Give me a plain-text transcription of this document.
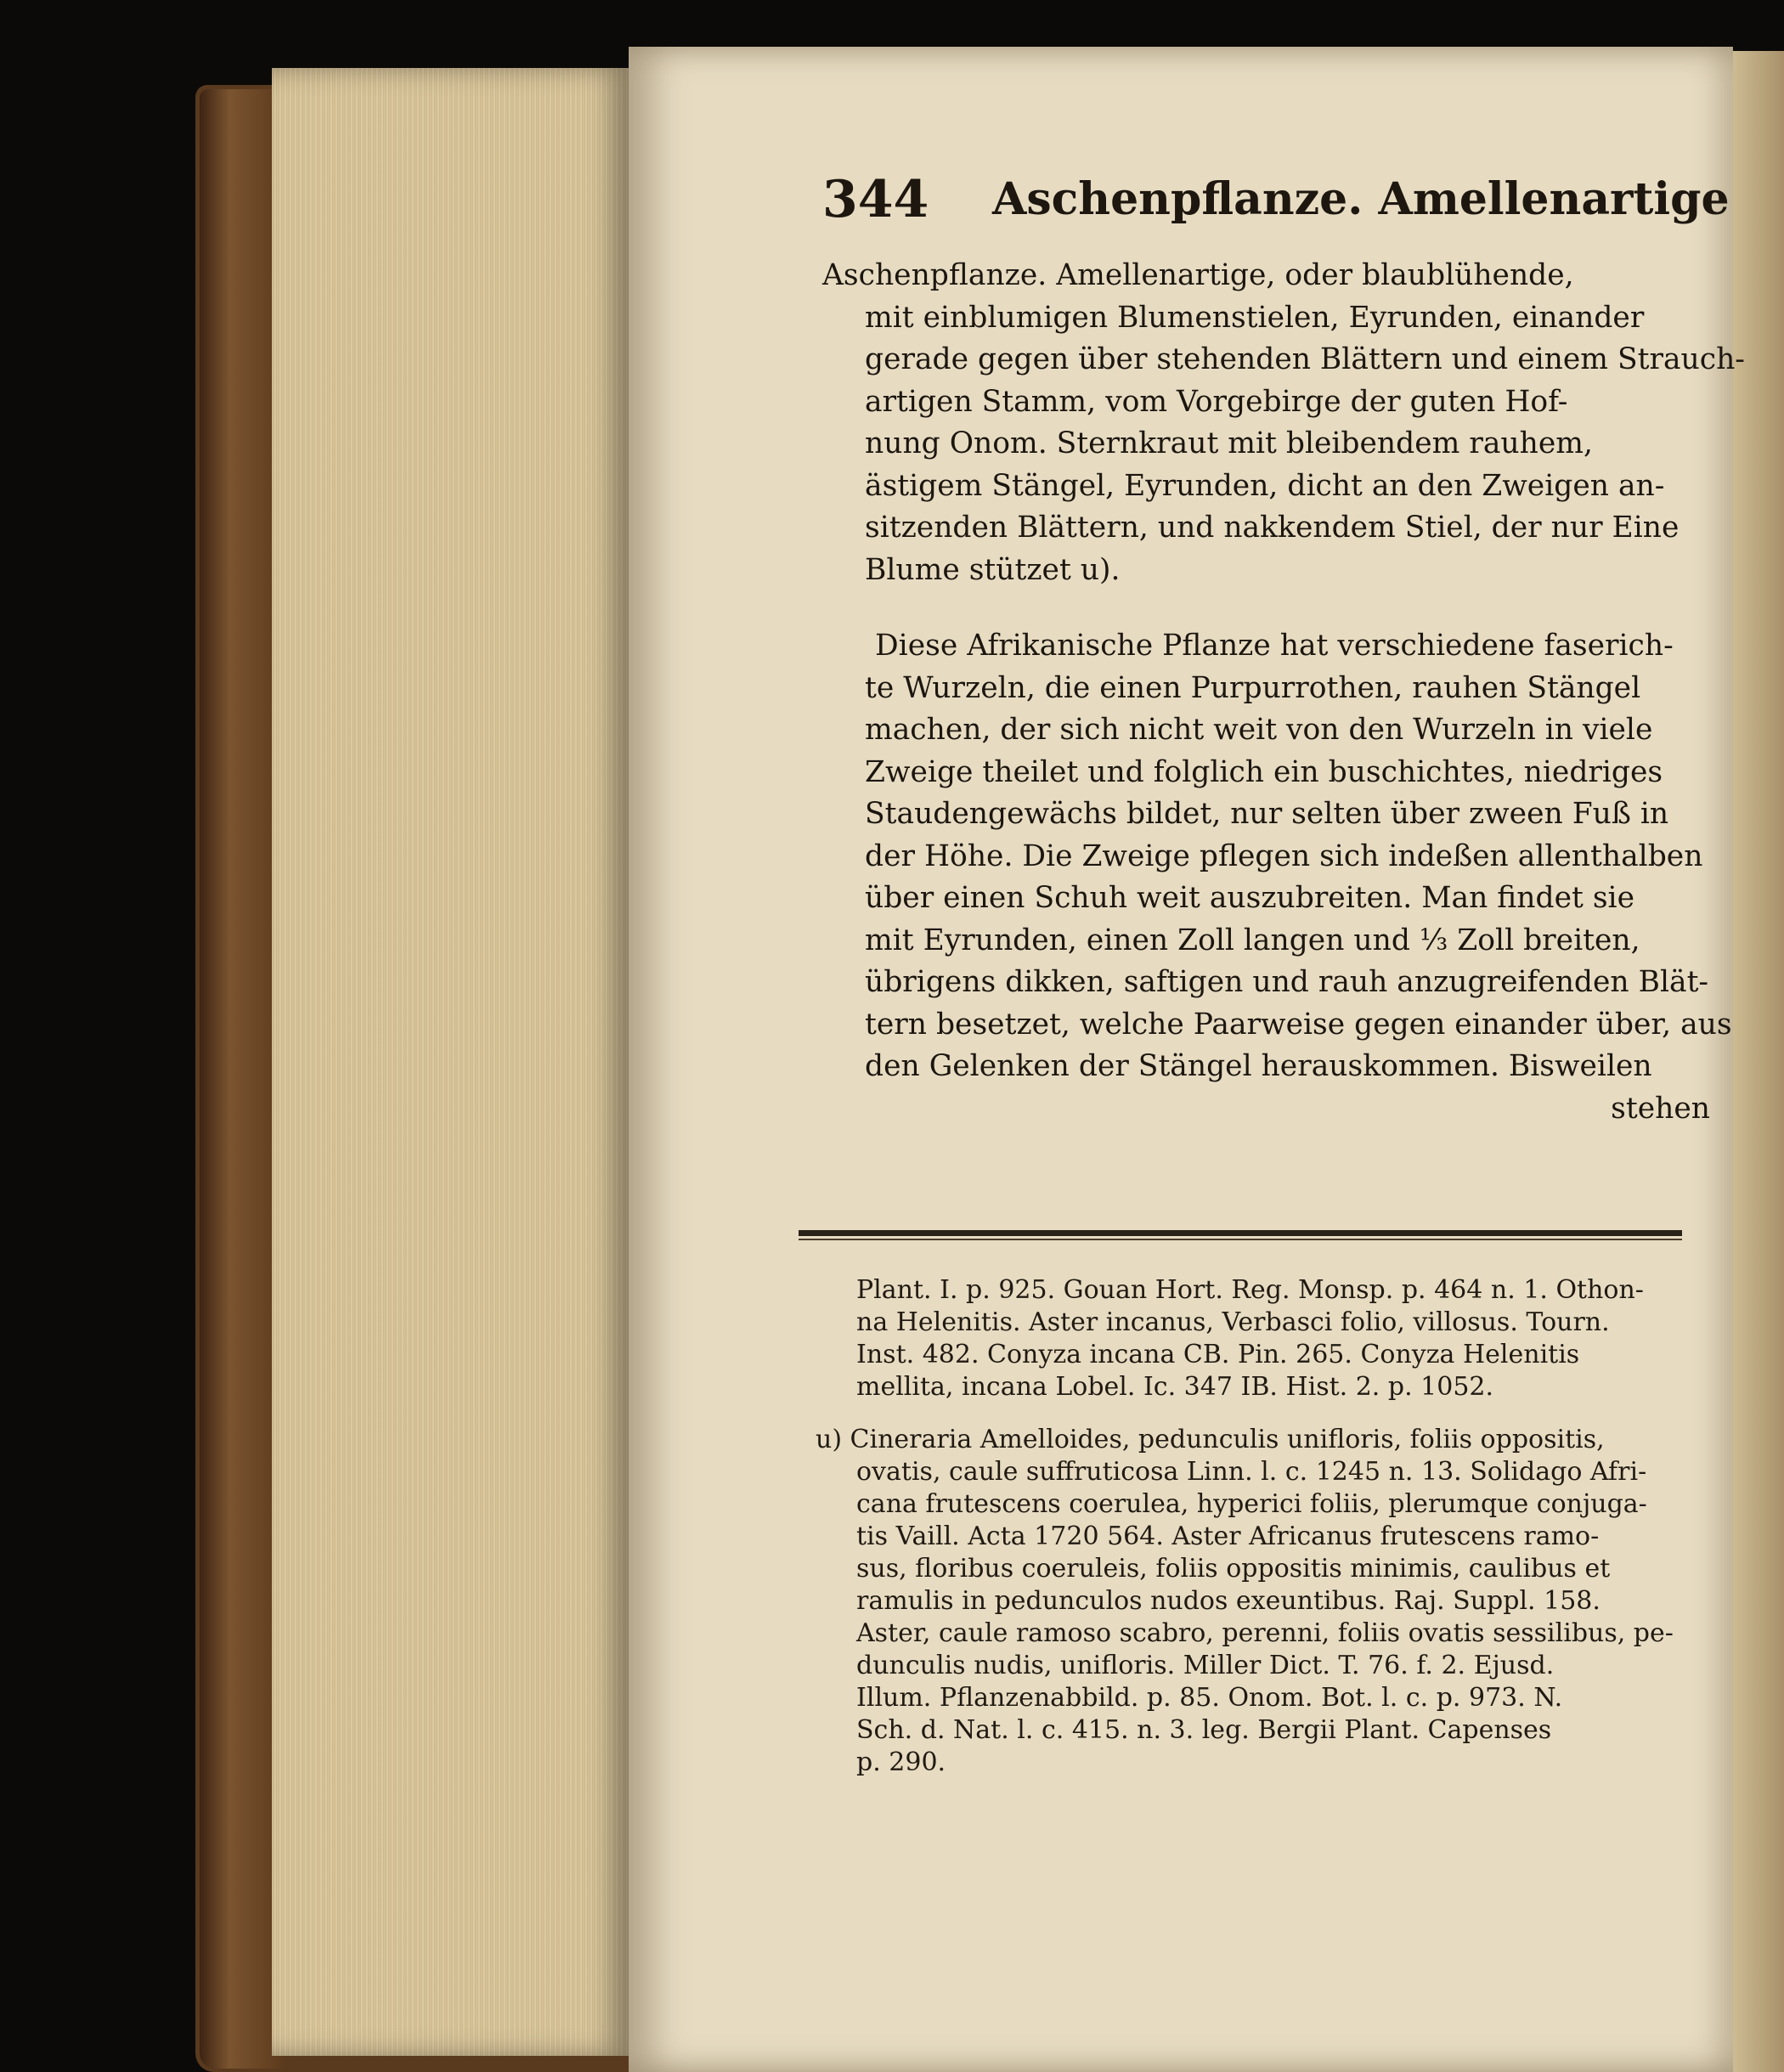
344 Aschenpflanze. Amellenartige
Aschenpflanze. Amellenartige, oder blaublühende,
mit einblumigen Blumenstielen, Eyrunden, einander
gerade gegen über stehenden Blättern und einem Strauch-
artigen Stamm, vom Vorgebirge der guten Hof-
nung Onom. Sternkraut mit bleibendem rauhem,
ästigem Stängel, Eyrunden, dicht an den Zweigen an-
sitzenden Blättern, und nakkendem Stiel, der nur Eine
Blume stützet u).
Diese Afrikanische Pflanze hat verschiedene faserich-
te Wurzeln, die einen Purpurrothen, rauhen Stängel
machen, der sich nicht weit von den Wurzeln in viele
Zweige theilet und folglich ein buschichtes, niedriges
Staudengewächs bildet, nur selten über zween Fuß in
der Höhe. Die Zweige pflegen sich indeßen allenthalben
über einen Schuh weit auszubreiten. Man findet sie
mit Eyrunden, einen Zoll langen und ⅓ Zoll breiten,
übrigens dikken, saftigen und rauh anzugreifenden Blät-
tern besetzet, welche Paarweise gegen einander über, aus
den Gelenken der Stängel herauskommen. Bisweilen
stehen
Plant. I. p. 925. Gouan Hort. Reg. Monsp. p. 464 n. 1. Othon-
na Helenitis. Aster incanus, Verbasci folio, villosus. Tourn.
Inst. 482. Conyza incana CB. Pin. 265. Conyza Helenitis
mellita, incana Lobel. Ic. 347 IB. Hist. 2. p. 1052.
u) Cineraria Amelloides, pedunculis unifloris, foliis oppositis,
ovatis, caule suffruticosa Linn. l. c. 1245 n. 13. Solidago Afri-
cana frutescens coerulea, hyperici foliis, plerumque conjuga-
tis Vaill. Acta 1720 564. Aster Africanus frutescens ramo-
sus, floribus coeruleis, foliis oppositis minimis, caulibus et
ramulis in pedunculos nudos exeuntibus. Raj. Suppl. 158.
Aster, caule ramoso scabro, perenni, foliis ovatis sessilibus, pe-
dunculis nudis, unifloris. Miller Dict. T. 76. f. 2. Ejusd.
Illum. Pflanzenabbild. p. 85. Onom. Bot. l. c. p. 973. N.
Sch. d. Nat. l. c. 415. n. 3. leg. Bergii Plant. Capenses
p. 290.
